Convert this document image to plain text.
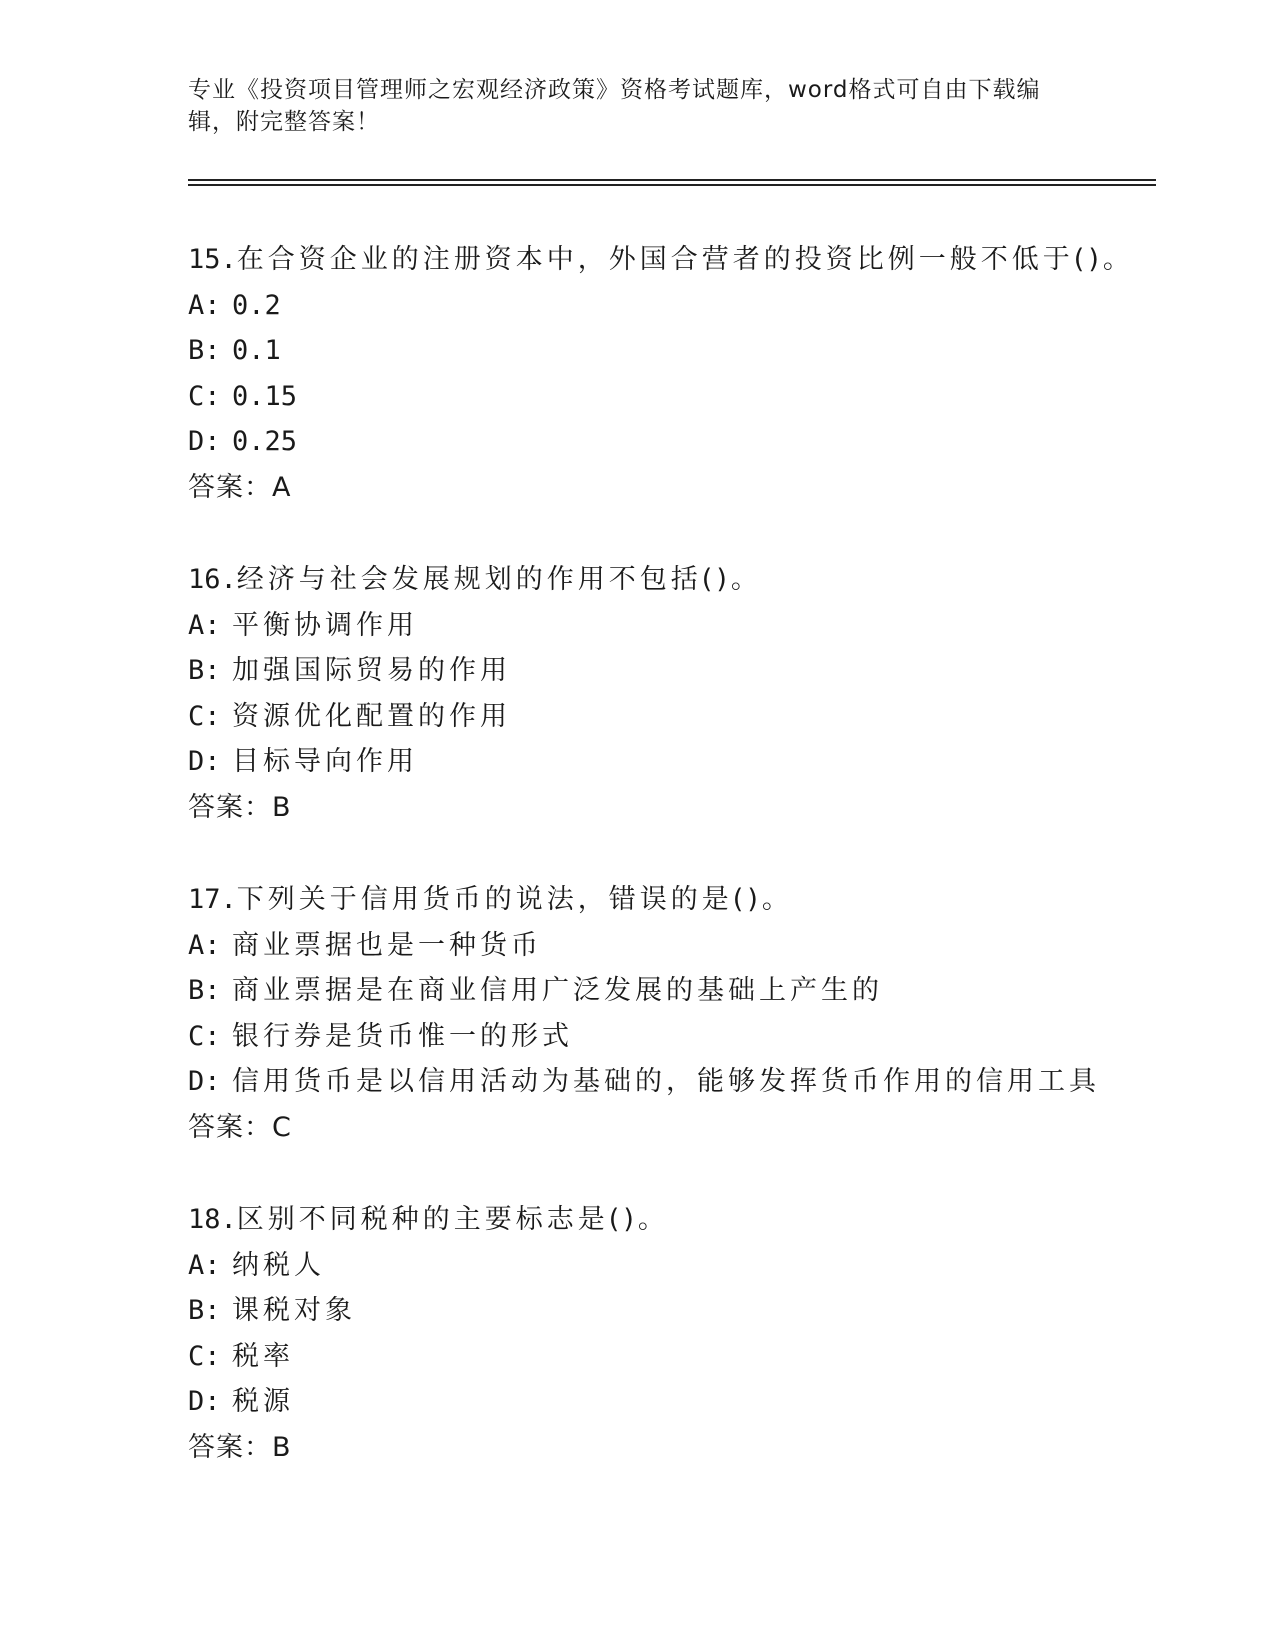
专业《投资项目管理师之宏观经济政策》资格考试题库，word格式可自由下载编辑，附完整答案！
15.在合资企业的注册资本中，外国合营者的投资比例一般不低于()。
A: 0.2
B: 0.1
C: 0.15
D: 0.25
答案：A
16.经济与社会发展规划的作用不包括()。
A: 平衡协调作用
B: 加强国际贸易的作用
C: 资源优化配置的作用
D: 目标导向作用
答案：B
17.下列关于信用货币的说法，错误的是()。
A: 商业票据也是一种货币
B: 商业票据是在商业信用广泛发展的基础上产生的
C: 银行券是货币惟一的形式
D: 信用货币是以信用活动为基础的，能够发挥货币作用的信用工具
答案：C
18.区别不同税种的主要标志是()。
A: 纳税人
B: 课税对象
C: 税率
D: 税源
答案：B
